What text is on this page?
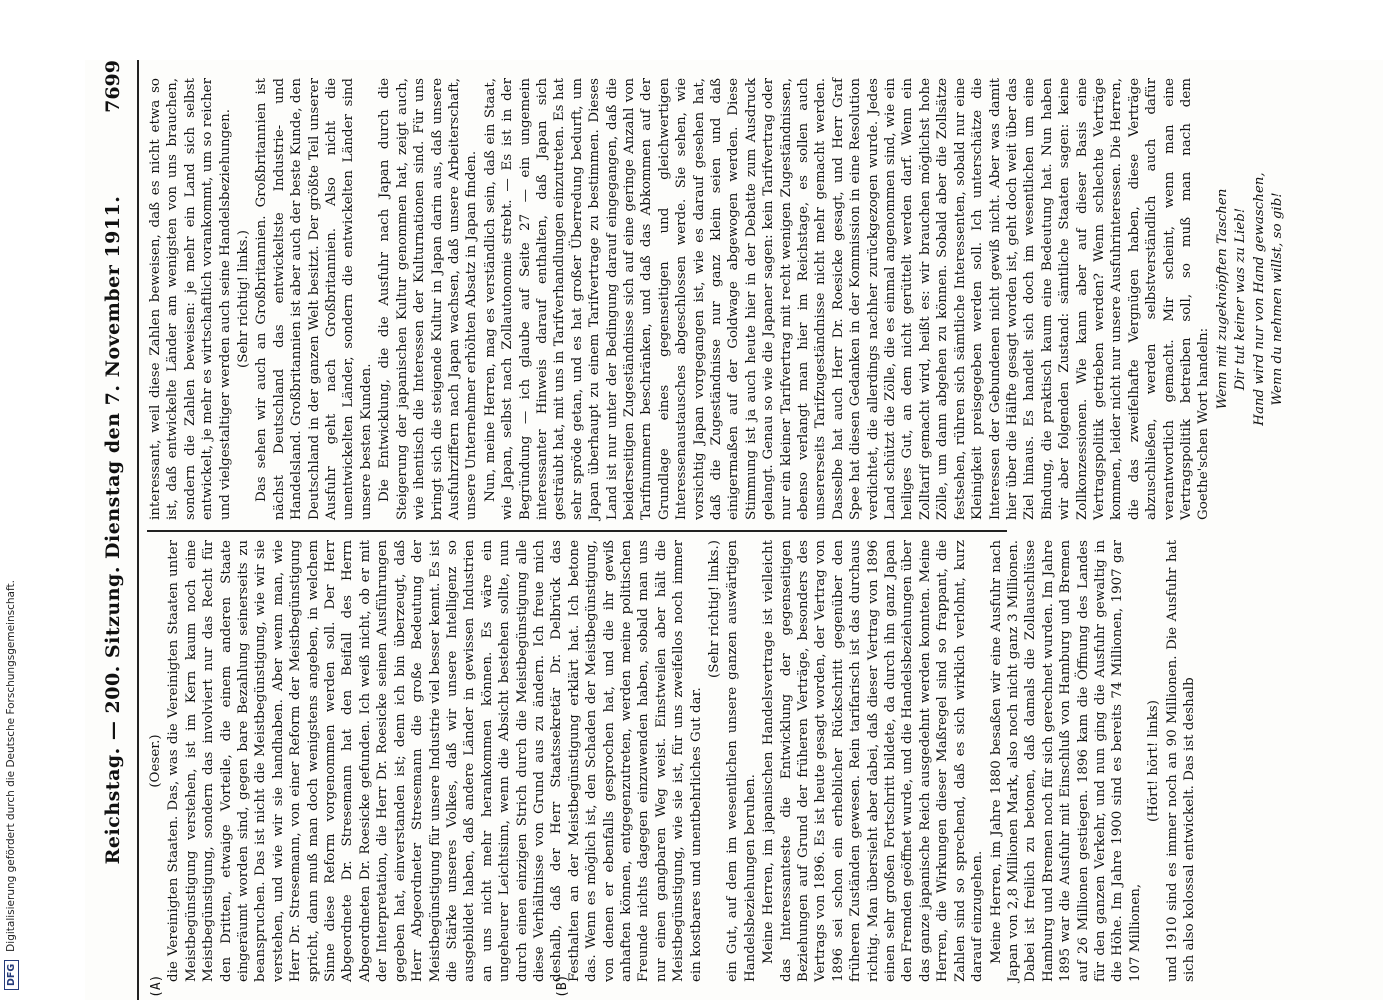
Reichstag. — 200. Sitzung. Dienstag den 7. November 1911.
7699
(A)	(B)

(Oeser.) die Vereinigten Staaten. Das, was die Vereinigten Staaten unter Meistbegünstigung verstehen, ist im Kern kaum noch eine Meistbegünstigung, sondern das involviert nur das Recht für den Dritten, etwaige Vorteile, die einem anderen Staate eingeräumt worden sind, gegen bare Bezahlung seinerseits zu beanspruchen. Das ist nicht die Meistbegünstigung, wie wir sie verstehen, und wie wir sie handhaben. Aber wenn man, wie Herr Dr. Stresemann, von einer Reform der Meistbegünstigung spricht, dann muß man doch wenigstens angeben, in welchem Sinne diese Reform vorgenommen werden soll. Der Herr Abgeordnete Dr. Stresemann hat den Beifall des Herrn Abgeordneten Dr. Roesicke gefunden. Ich weiß nicht, ob er mit der Interpretation, die Herr Dr. Roesicke seinen Ausführungen gegeben hat, einverstanden ist; denn ich bin überzeugt, daß Herr Abgeordneter Stresemann die große Bedeutung der Meistbegünstigung für unsere Industrie viel besser kennt. Es ist die Stärke unseres Volkes, daß wir unsere Intelligenz so ausgebildet haben, daß andere Länder in gewissen Industrien an uns nicht mehr herankommen können. Es wäre ein ungeheurer Leichtsinn, wenn die Absicht bestehen sollte, nun durch einen einzigen Strich durch die Meistbegünstigung alle diese Verhältnisse von Grund aus zu ändern. Ich freue mich deshalb, daß der Herr Staatssekretär Dr. Delbrück das Festhalten an der Meistbegünstigung erklärt hat. Ich betone das. Wenn es möglich ist, den Schaden der Meistbegünstigung, von denen er ebenfalls gesprochen hat, und die ihr gewiß anhaften können, entgegenzutreten, werden meine politischen Freunde nichts dagegen einzuwenden haben, sobald man uns nur einen gangbaren Weg weist. Einstweilen aber hält die Meistbegünstigung, wie sie ist, für uns zweifellos noch immer ein kostbares und unentbehrliches Gut dar.

(Sehr richtig! links.) ein Gut, auf dem im wesentlichen unsere ganzen auswärtigen Handelsbeziehungen beruhen. Meine Herren, im japanischen Handelsvertrage ist vielleicht das Interessanteste die Entwicklung der gegenseitigen Beziehungen auf Grund der früheren Verträge, besonders des Vertrags von 1896. Es ist heute gesagt worden, der Vertrag von 1896 sei schon ein erheblicher Rückschritt gegenüber den früheren Zuständen gewesen. Rein tarifarisch ist das durchaus richtig. Man übersieht aber dabei, daß dieser Vertrag von 1896 einen sehr großen Fortschritt bildete, da durch ihn ganz Japan den Fremden geöffnet wurde, und die Handelsbeziehungen über das ganze japanische Reich ausgedehnt werden konnten. Meine Herren, die Wirkungen dieser Maßregel sind so frappant, die Zahlen sind so sprechend, daß es sich wirklich verlohnt, kurz darauf einzugehen. Meine Herren, im Jahre 1880 besaßen wir eine Ausfuhr nach Japan von 2,8 Millionen Mark, also noch nicht ganz 3 Millionen. Dabei ist freilich zu betonen, daß damals die Zollauschlüsse Hamburg und Bremen noch für sich gerechnet wurden. Im Jahre 1895 war die Ausfuhr mit Einschluß von Hamburg und Bremen auf 26 Millionen gestiegen. 1896 kam die Öffnung des Landes für den ganzen Verkehr, und nun ging die Ausfuhr gewaltig in die Höhe. Im Jahre 1900 sind es bereits 74 Millionen, 1907 gar 107 Millionen,

(Hört! hört! links) und 1910 sind es immer noch an 90 Millionen. Die Ausfuhr hat sich also kolossal entwickelt. Das ist deshalb

interessant, weil diese Zahlen beweisen, daß es nicht etwa so ist, daß entwickelte Länder am wenigsten von uns brauchen, sondern die Zahlen beweisen: je mehr ein Land sich selbst entwickelt, je mehr es wirtschaftlich vorankommt, um so reicher und vielgestaltiger werden auch seine Handelsbeziehungen. (Sehr richtig! links.) Das sehen wir auch an Großbritannien. Großbritannien ist nächst Deutschland das entwickeltste Industrie- und Handelsland. Großbritannien ist aber auch der beste Kunde, den Deutschland in der ganzen Welt besitzt. Der größte Teil unserer Ausfuhr geht nach Großbritannien. Also nicht die unentwickelten Länder, sondern die entwickelten Länder sind unsere besten Kunden. Die Entwicklung, die die Ausfuhr nach Japan durch die Steigerung der japanischen Kultur genommen hat, zeigt auch, wie ihentisch die Interessen der Kulturnationen sind. Für uns bringt sich die steigende Kultur in Japan darin aus, daß unsere Ausfuhrziffern nach Japan wachsen, daß unsere Arbeiterschaft, unsere Unternehmer erhöhten Absatz in Japan finden. Nun, meine Herren, mag es verständlich sein, daß ein Staat, wie Japan, selbst nach Zollautonomie strebt. — Es ist in der Begründung — ich glaube auf Seite 27 — ein ungemein interessanter Hinweis darauf enthalten, daß Japan sich gesträubt hat, mit uns in Tarifverhandlungen einzutreten. Es hat sehr spröde getan, und es hat großer Überredung bedurft, um Japan überhaupt zu einem Tarifvertrage zu bestimmen. Dieses Land ist nur unter der Bedingung darauf eingegangen, daß die beiderseitigen Zugeständnisse sich auf eine geringe Anzahl von Tarifnummern beschränken, und daß das Abkommen auf der Grundlage eines gegenseitigen und gleichwertigen Interessenaustausches abgeschlossen werde. Sie sehen, wie vorsichtig Japan vorgegangen ist, wie es darauf gesehen hat, daß die Zugeständnisse nur ganz klein seien und daß einigermaßen auf der Goldwage abgewogen werden. Diese Stimmung ist ja auch heute hier in der Debatte zum Ausdruck gelangt. Genau so wie die Japaner sagen: kein Tarifvertrag oder nur ein kleiner Tarifvertrag mit recht wenigen Zugeständnissen, ebenso verlangt man hier im Reichstage, es sollen auch unsererseits Tarifzugeständnisse nicht mehr gemacht werden. Dasselbe hat auch Herr Dr. Roesicke gesagt, und Herr Graf Spee hat diesen Gedanken in der Kommission in eine Resolution verdichtet, die allerdings nachher zurückgezogen wurde. Jedes Land schützt die Zölle, die es einmal angenommen sind, wie ein heiliges Gut, an dem nicht gerüttelt werden darf. Wenn ein Zolltarif gemacht wird, heißt es: wir brauchen möglichst hohe Zölle, um dann abgehen zu können. Sobald aber die Zollsätze festsehen, rühren sich sämtliche Interessenten, sobald nur eine Kleinigkeit preisgegeben werden soll. Ich unterschätze die Interessen der Gebundenen nicht gewiß nicht. Aber was damit hier über die Hälfte gesagt worden ist, geht doch weit über das Ziel hinaus. Es handelt sich doch im wesentlichen um eine Bindung, die praktisch kaum eine Bedeutung hat. Nun haben wir aber folgenden Zustand: sämtliche Staaten sagen: keine Zollkonzessionen. Wie kann aber auf dieser Basis eine Vertragspolitik getrieben werden? Wenn schlechte Verträge kommen, leider nicht nur unsere Ausfuhrinteressen. Die Herren, die das zweifelhafte Vergnügen haben, diese Verträge abzuschließen, werden selbstverständlich auch dafür verantwortlich gemacht. Mir scheint, wenn man eine Vertragspolitik betreiben soll, so muß man nach dem Goethe'schen Wort handeln:

Wenn mit zugeknöpften Taschen Dir tut keiner was zu Lieb! Hand wird nur von Hand gewaschen, Wenn du nehmen willst, so gib!

DFG
Digitalisierung gefördert durch die Deutsche Forschungsgemeinschaft.
